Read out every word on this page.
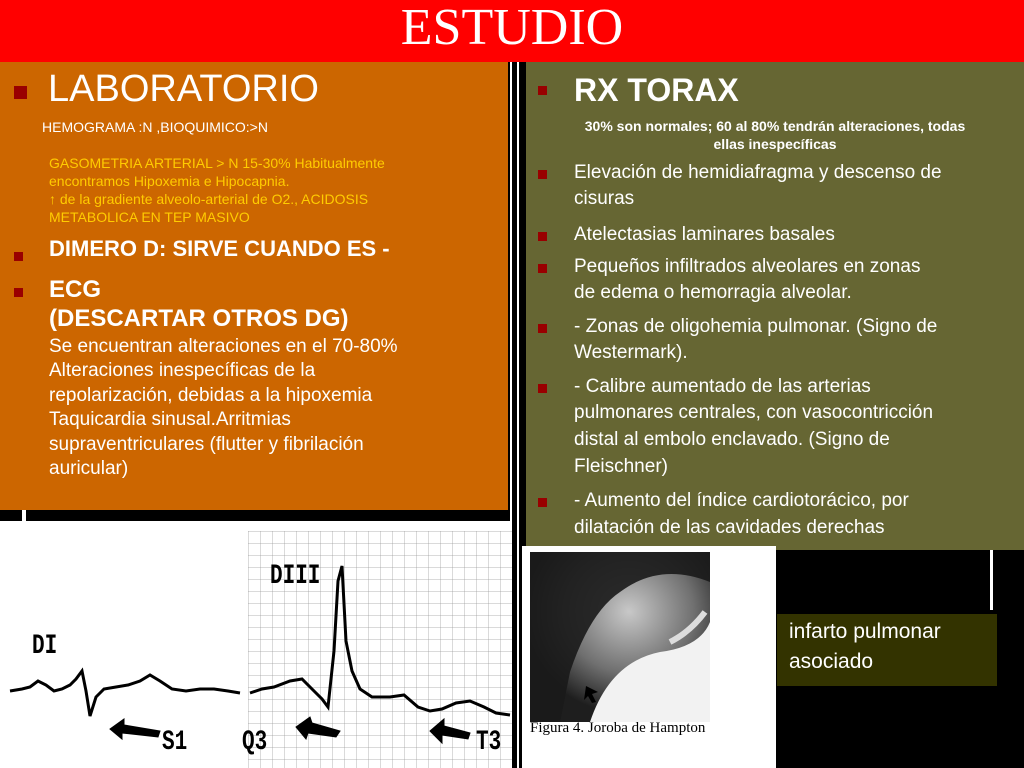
ESTUDIO
LABORATORIO
HEMOGRAMA :N ,BIOQUIMICO:>N
GASOMETRIA ARTERIAL > N 15-30% Habitualmente
encontramos Hipoxemia e Hipocapnia.
↑ de la gradiente alveolo-arterial de O2., ACIDOSIS
METABOLICA EN TEP MASIVO
DIMERO D: SIRVE CUANDO ES -
ECG
(DESCARTAR OTROS DG)
Se encuentran alteraciones en el 70-80%
Alteraciones inespecíficas de la
repolarización, debidas a la hipoxemia
Taquicardia sinusal.Arritmias
supraventriculares (flutter y fibrilación
auricular)
RX TORAX
30% son normales; 60 al 80% tendrán alteraciones, todas
ellas inespecíficas
Elevación de hemidiafragma y descenso de
cisuras
Atelectasias laminares basales
Pequeños infiltrados alveolares en zonas
de edema o hemorragia alveolar.
- Zonas de oligohemia pulmonar. (Signo de
Westermark).
- Calibre aumentado de las arterias
pulmonares centrales, con vasocontricción
distal al embolo enclavado. (Signo de
Fleischner)
- Aumento del índice cardiotorácico, por
dilatación de las cavidades derechas
DI
DIII
S1 Q3	T3 Figura 4. Joroba de Hampton
infarto pulmonar
asociado
